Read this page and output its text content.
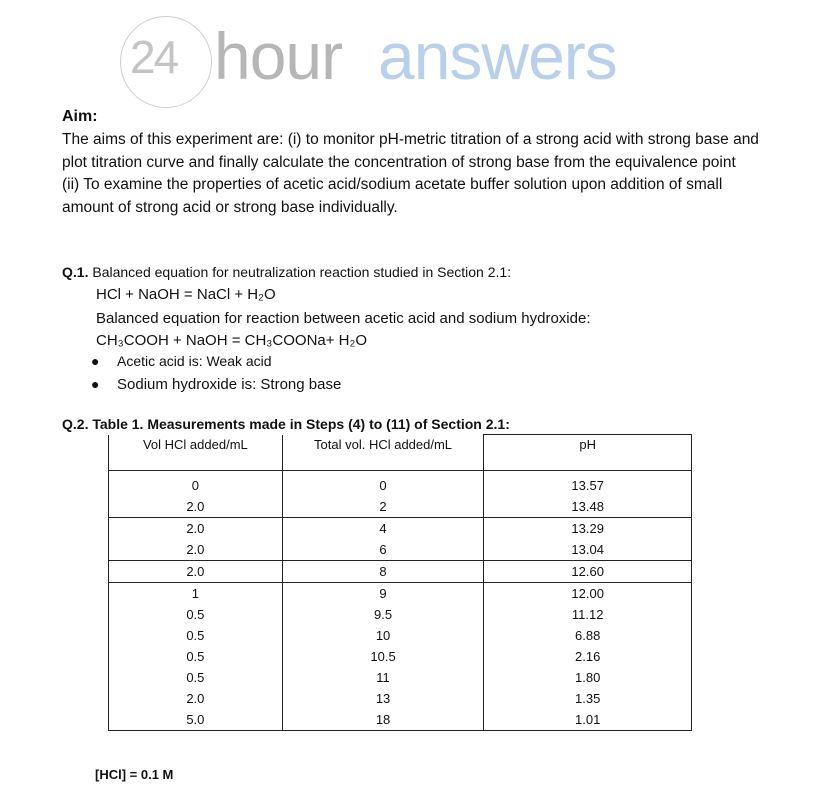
24 hour answers
Aim:
The aims of this experiment are: (i) to monitor pH-metric titration of a strong acid with strong base and plot titration curve and finally calculate the concentration of strong base from the equivalence point
(ii) To examine the properties of acetic acid/sodium acetate buffer solution upon addition of small amount of strong acid or strong base individually.
Q.1. Balanced equation for neutralization reaction studied in Section 2.1:
HCl + NaOH = NaCl + H₂O
Balanced equation for reaction between acetic acid and sodium hydroxide:
CH₃COOH + NaOH = CH₃COONa+ H₂O
● Acetic acid is: Weak acid
● Sodium hydroxide is: Strong base
Q.2. Table 1. Measurements made in Steps (4) to (11) of Section 2.1:
Vol HCl added/mL	Total vol. HCl added/mL	pH
0	0	13.57
2.0	2	13.48
2.0	4	13.29
2.0	6	13.04
2.0	8	12.60
1	9	12.00
0.5	9.5	11.12
0.5	10	6.88
0.5	10.5	2.16
0.5	11	1.80
2.0	13	1.35
5.0	18	1.01
[HCl] = 0.1 M
